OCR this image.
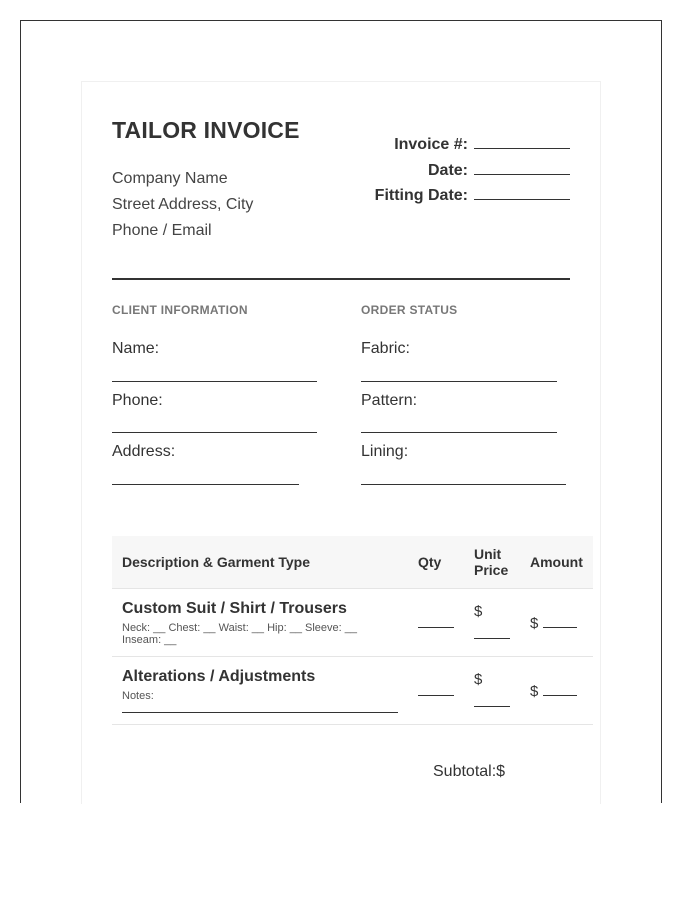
TAILOR INVOICE
Company Name
Street Address, City
Phone / Email
Invoice #:
Date:
Fitting Date:
CLIENT INFORMATION	ORDER STATUS
Name:
Phone:
Address:
Fabric:
Pattern:
Lining:
Description & Garment Type	Qty	Unit Price	Amount

Custom Suit / Shirt / Trousers
Neck: __ Chest: __ Waist: __ Hip: __ Sleeve: __ Inseam: __		$	$

Alterations / Adjustments
Notes:		$	$
Subtotal:$
